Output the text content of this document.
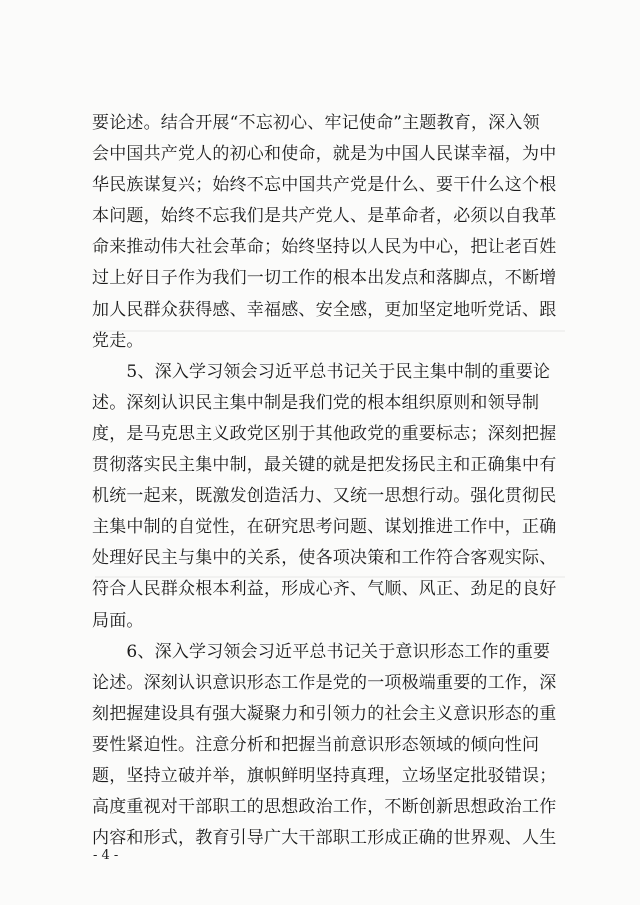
要论述。结合开展“不忘初心、牢记使命”主题教育，深入领
会中国共产党人的初心和使命，就是为中国人民谋幸福，为中
华民族谋复兴；始终不忘中国共产党是什么、要干什么这个根
本问题，始终不忘我们是共产党人、是革命者，必须以自我革
命来推动伟大社会革命；始终坚持以人民为中心，把让老百姓
过上好日子作为我们一切工作的根本出发点和落脚点，不断增
加人民群众获得感、幸福感、安全感，更加坚定地听党话、跟
党走。
　　5、深入学习领会习近平总书记关于民主集中制的重要论
述。深刻认识民主集中制是我们党的根本组织原则和领导制
度，是马克思主义政党区别于其他政党的重要标志；深刻把握
贯彻落实民主集中制，最关键的就是把发扬民主和正确集中有
机统一起来，既激发创造活力、又统一思想行动。强化贯彻民
主集中制的自觉性，在研究思考问题、谋划推进工作中，正确
处理好民主与集中的关系，使各项决策和工作符合客观实际、
符合人民群众根本利益，形成心齐、气顺、风正、劲足的良好
局面。
　　6、深入学习领会习近平总书记关于意识形态工作的重要
论述。深刻认识意识形态工作是党的一项极端重要的工作，深
刻把握建设具有强大凝聚力和引领力的社会主义意识形态的重
要性紧迫性。注意分析和把握当前意识形态领域的倾向性问
题，坚持立破并举，旗帜鲜明坚持真理，立场坚定批驳错误；
高度重视对干部职工的思想政治工作，不断创新思想政治工作
内容和形式，教育引导广大干部职工形成正确的世界观、人生
- 4 -
